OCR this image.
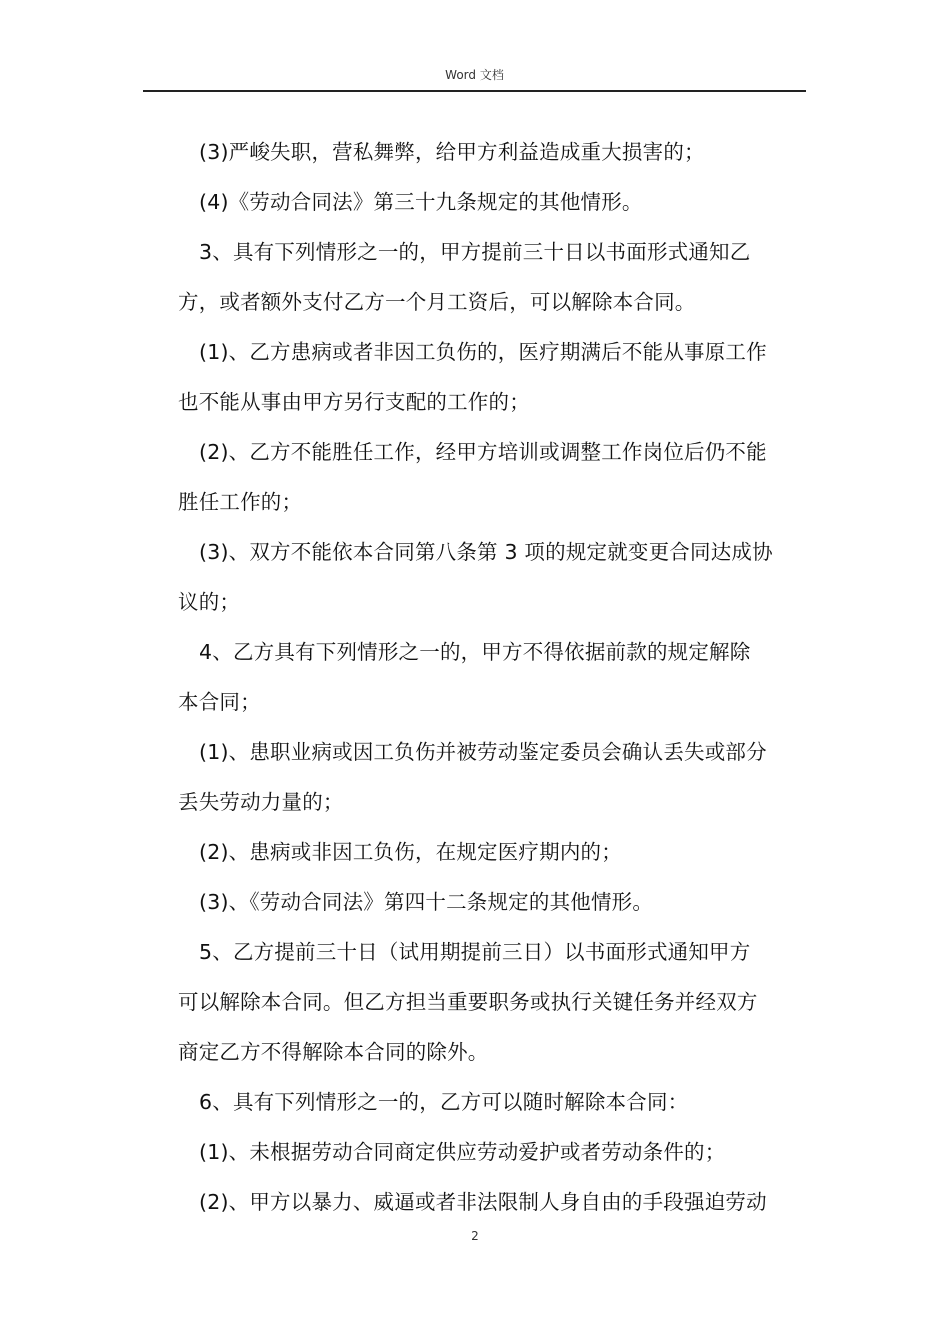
Word 文档
(3)严峻失职，营私舞弊，给甲方利益造成重大损害的；
(4)《劳动合同法》第三十九条规定的其他情形。
3、具有下列情形之一的，甲方提前三十日以书面形式通知乙
方，或者额外支付乙方一个月工资后，可以解除本合同。
(1)、乙方患病或者非因工负伤的，医疗期满后不能从事原工作
也不能从事由甲方另行支配的工作的；
(2)、乙方不能胜任工作，经甲方培训或调整工作岗位后仍不能
胜任工作的；
(3)、双方不能依本合同第八条第 3 项的规定就变更合同达成协
议的；
4、乙方具有下列情形之一的，甲方不得依据前款的规定解除
本合同；
(1)、患职业病或因工负伤并被劳动鉴定委员会确认丢失或部分
丢失劳动力量的；
(2)、患病或非因工负伤，在规定医疗期内的；
(3)、《劳动合同法》第四十二条规定的其他情形。
5、乙方提前三十日（试用期提前三日）以书面形式通知甲方
可以解除本合同。但乙方担当重要职务或执行关键任务并经双方
商定乙方不得解除本合同的除外。
6、具有下列情形之一的，乙方可以随时解除本合同：
(1)、未根据劳动合同商定供应劳动爱护或者劳动条件的；
(2)、甲方以暴力、威逼或者非法限制人身自由的手段强迫劳动
2
